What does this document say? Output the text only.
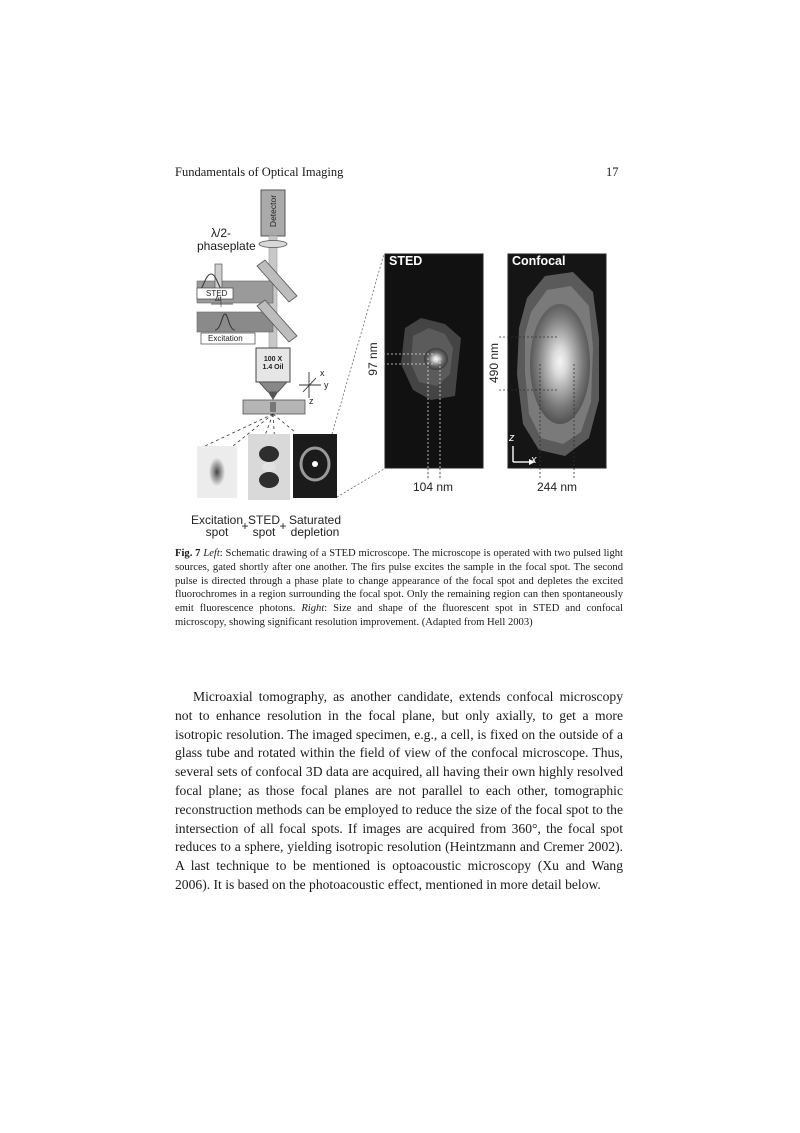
Fundamentals of Optical Imaging	17
Detector
λ/2-
phaseplate
STED
Δt
Excitation
100 X
1.4 Oil
x
y
z
Excitation
spot	+ STED
spot + Saturated
depletion
STED
97 nm
104 nm
Confocal
490 nm
244 nm
z
x
Fig. 7 Left: Schematic drawing of a STED microscope. The microscope is operated with two pulsed light sources, gated shortly after one another. The firs pulse excites the sample in the focal spot. The second pulse is directed through a phase plate to change appearance of the focal spot and depletes the excited fluorochromes in a region surrounding the focal spot. Only the remaining region can then spontaneously emit fluorescence photons. Right: Size and shape of the fluorescent spot in STED and confocal microscopy, showing significant resolution improvement. (Adapted from Hell 2003)
Microaxial tomography, as another candidate, extends confocal microscopy not to enhance resolution in the focal plane, but only axially, to get a more isotropic resolution. The imaged specimen, e.g., a cell, is fixed on the outside of a glass tube and rotated within the field of view of the confocal microscope. Thus, several sets of confocal 3D data are acquired, all having their own highly resolved focal plane; as those focal planes are not parallel to each other, tomographic reconstruction methods can be employed to reduce the size of the focal spot to the intersection of all focal spots. If images are acquired from 360°, the focal spot reduces to a sphere, yielding isotropic resolution (Heintzmann and Cremer 2002). A last technique to be mentioned is optoacoustic microscopy (Xu and Wang 2006). It is based on the photoacoustic effect, mentioned in more detail below.
